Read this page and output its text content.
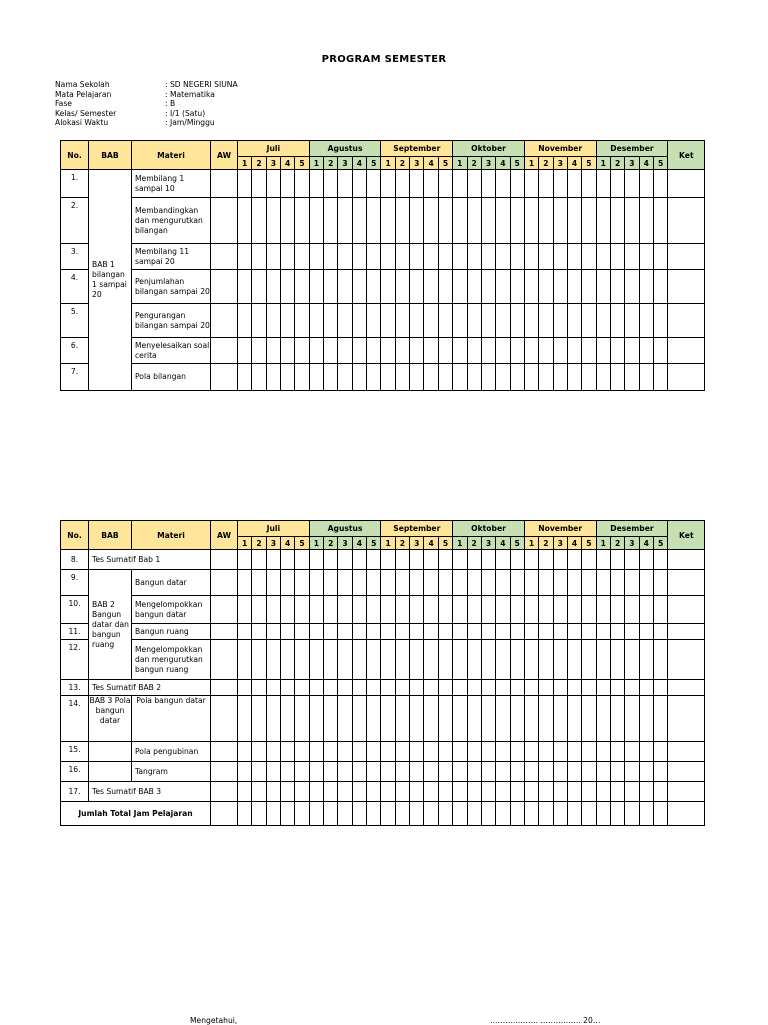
PROGRAM SEMESTER
Nama Sekolah	: SD NEGERI SIUNA
Mata Pelajaran	: Matematika
Fase	: B
Kelas/ Semester	: I/1 (Satu)
Alokasi Waktu	: Jam/Minggu
No.	BAB	Materi	AW	Juli					Agustus					September					Oktober					November					Desember					Ket
				1	2	3	4	5	1	2	3	4	5	1	2	3	4	5	1	2	3	4	5	1	2	3	4	5	1	2	3	4	5	
1.	BAB 1 bilangan 1 sampai 20	Membilang 1 sampai 10																																
2.		Membandingkan dan mengurutkan bilangan																																
3.		Membilang 11 sampai 20																																
4.		Penjumlahan bilangan sampai 20																																
5.		Pengurangan bilangan sampai 20																																
6.		Menyelesaikan soal cerita																																
7.		Pola bilangan																																
No.	BAB	Materi	AW	Juli					Agustus					September					Oktober					November					Desember					Ket
				1	2	3	4	5	1	2	3	4	5	1	2	3	4	5	1	2	3	4	5	1	2	3	4	5	1	2	3	4	5	
8.	Tes Sumatif Bab 1																																	
9.	BAB 2 Bangun datar dan bangun ruang	Bangun datar																																
10.		Mengelompokkan bangun datar																																
11.		Bangun ruang																																
12.		Mengelompokkan dan mengurutkan bangun ruang																																
13.	Tes Sumatif BAB 2																																	
14.	BAB 3 Pola bangun datar	Pola bangun datar																																
15.		Pola pengubinan																																
16.		Tangram																																
17.	Tes Sumatif BAB 3																																	
Jumlah Total Jam Pelajaran																																		
Mengetahui,	………………. ……………. 20…
